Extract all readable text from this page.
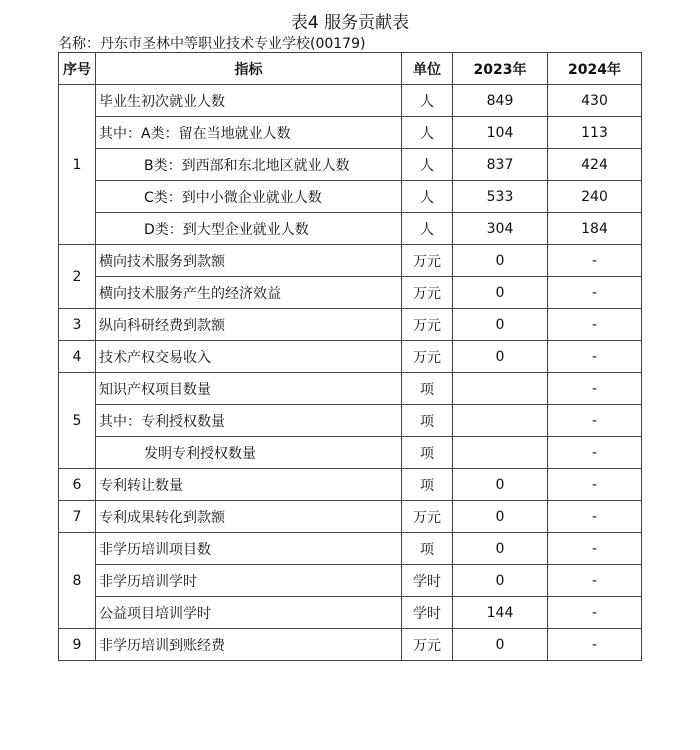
表4 服务贡献表
名称：丹东市圣林中等职业技术专业学校(00179)
序号	指标	单位	2023年	2024年
1	毕业生初次就业人数	人	849	430
	其中：A类：留在当地就业人数	人	104	113
	B类：到西部和东北地区就业人数	人	837	424
	C类：到中小微企业就业人数	人	533	240
	D类：到大型企业就业人数	人	304	184
2	横向技术服务到款额	万元	0	-
	横向技术服务产生的经济效益	万元	0	-
3	纵向科研经费到款额	万元	0	-
4	技术产权交易收入	万元	0	-
5	知识产权项目数量	项		-
	其中：专利授权数量	项		-
	发明专利授权数量	项		-
6	专利转让数量	项	0	-
7	专利成果转化到款额	万元	0	-
8	非学历培训项目数	项	0	-
	非学历培训学时	学时	0	-
	公益项目培训学时	学时	144	-
9	非学历培训到账经费	万元	0	-
